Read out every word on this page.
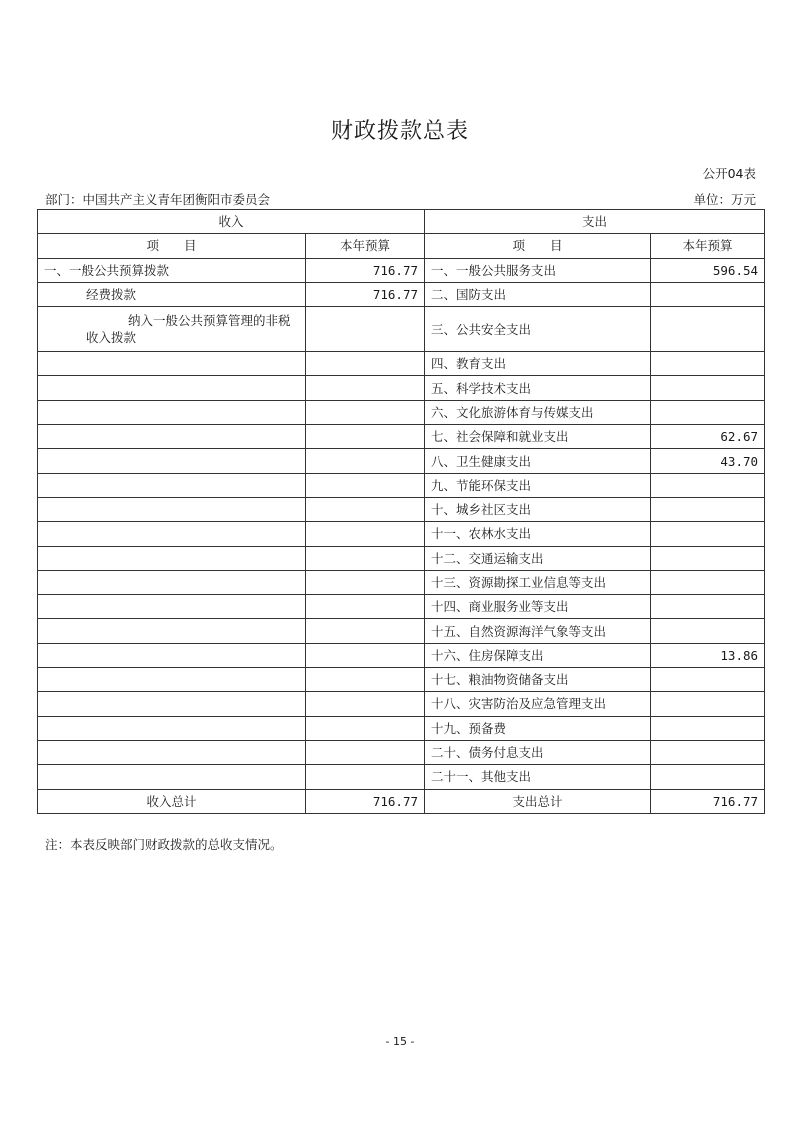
财政拨款总表
公开04表
部门：中国共产主义青年团衡阳市委员会	单位：万元
收入		支出	
项　　目	本年预算		项　　目	本年预算
一、一般公共预算拨款	716.77		一、一般公共服务支出	596.54
经费拨款	716.77		二、国防支出	
纳入一般公共预算管理的非税收入拨款			三、公共安全支出	
			四、教育支出	
			五、科学技术支出	
			六、文化旅游体育与传媒支出	
			七、社会保障和就业支出	62.67
			八、卫生健康支出	43.70
			九、节能环保支出	
			十、城乡社区支出	
			十一、农林水支出	
			十二、交通运输支出	
			十三、资源勘探工业信息等支出	
			十四、商业服务业等支出	
			十五、自然资源海洋气象等支出	
			十六、住房保障支出	13.86
			十七、粮油物资储备支出	
			十八、灾害防治及应急管理支出	
			十九、预备费	
			二十、债务付息支出	
			二十一、其他支出	
收入总计	716.77		支出总计	716.77
注：本表反映部门财政拨款的总收支情况。
- 15 -
